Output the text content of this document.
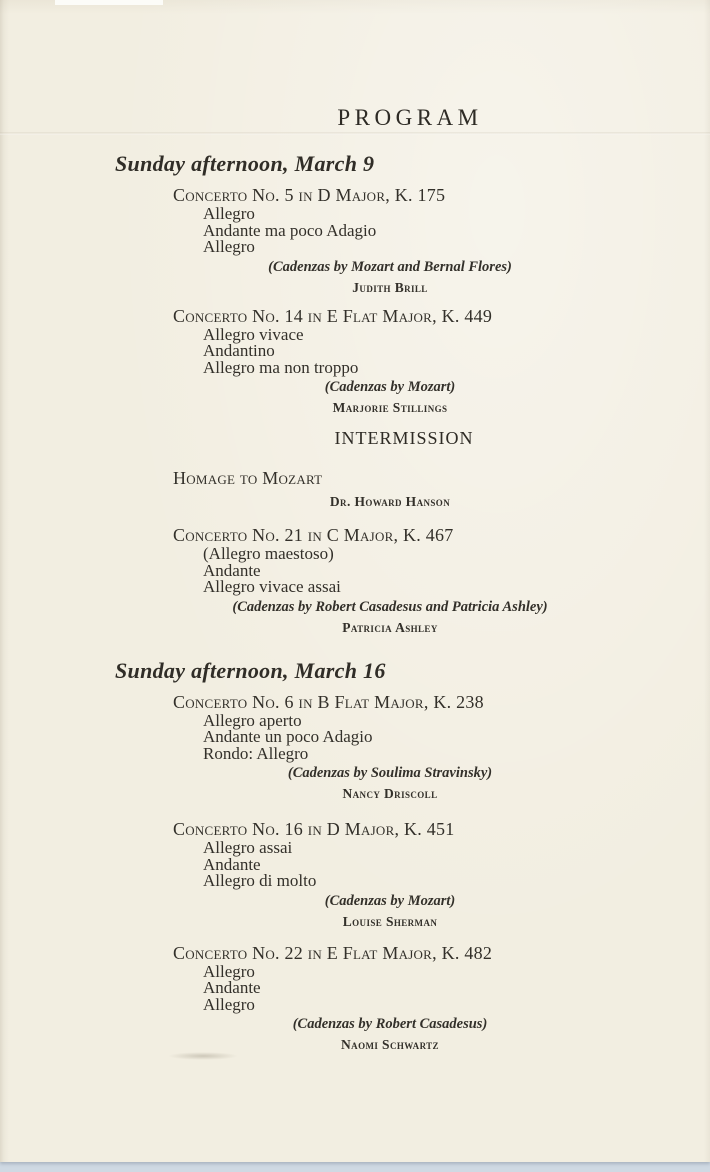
PROGRAM
Sunday afternoon, March 9
Concerto No. 5 in D Major, K. 175
Allegro
Andante ma poco Adagio
Allegro
(Cadenzas by Mozart and Bernal Flores)
Judith Brill
Concerto No. 14 in E Flat Major, K. 449
Allegro vivace
Andantino
Allegro ma non troppo
(Cadenzas by Mozart)
Marjorie Stillings
INTERMISSION
Homage to Mozart
Dr. Howard Hanson
Concerto No. 21 in C Major, K. 467
(Allegro maestoso)
Andante
Allegro vivace assai
(Cadenzas by Robert Casadesus and Patricia Ashley)
Patricia Ashley
Sunday afternoon, March 16
Concerto No. 6 in B Flat Major, K. 238
Allegro aperto
Andante un poco Adagio
Rondo: Allegro
(Cadenzas by Soulima Stravinsky)
Nancy Driscoll
Concerto No. 16 in D Major, K. 451
Allegro assai
Andante
Allegro di molto
(Cadenzas by Mozart)
Louise Sherman
Concerto No. 22 in E Flat Major, K. 482
Allegro
Andante
Allegro
(Cadenzas by Robert Casadesus)
Naomi Schwartz
